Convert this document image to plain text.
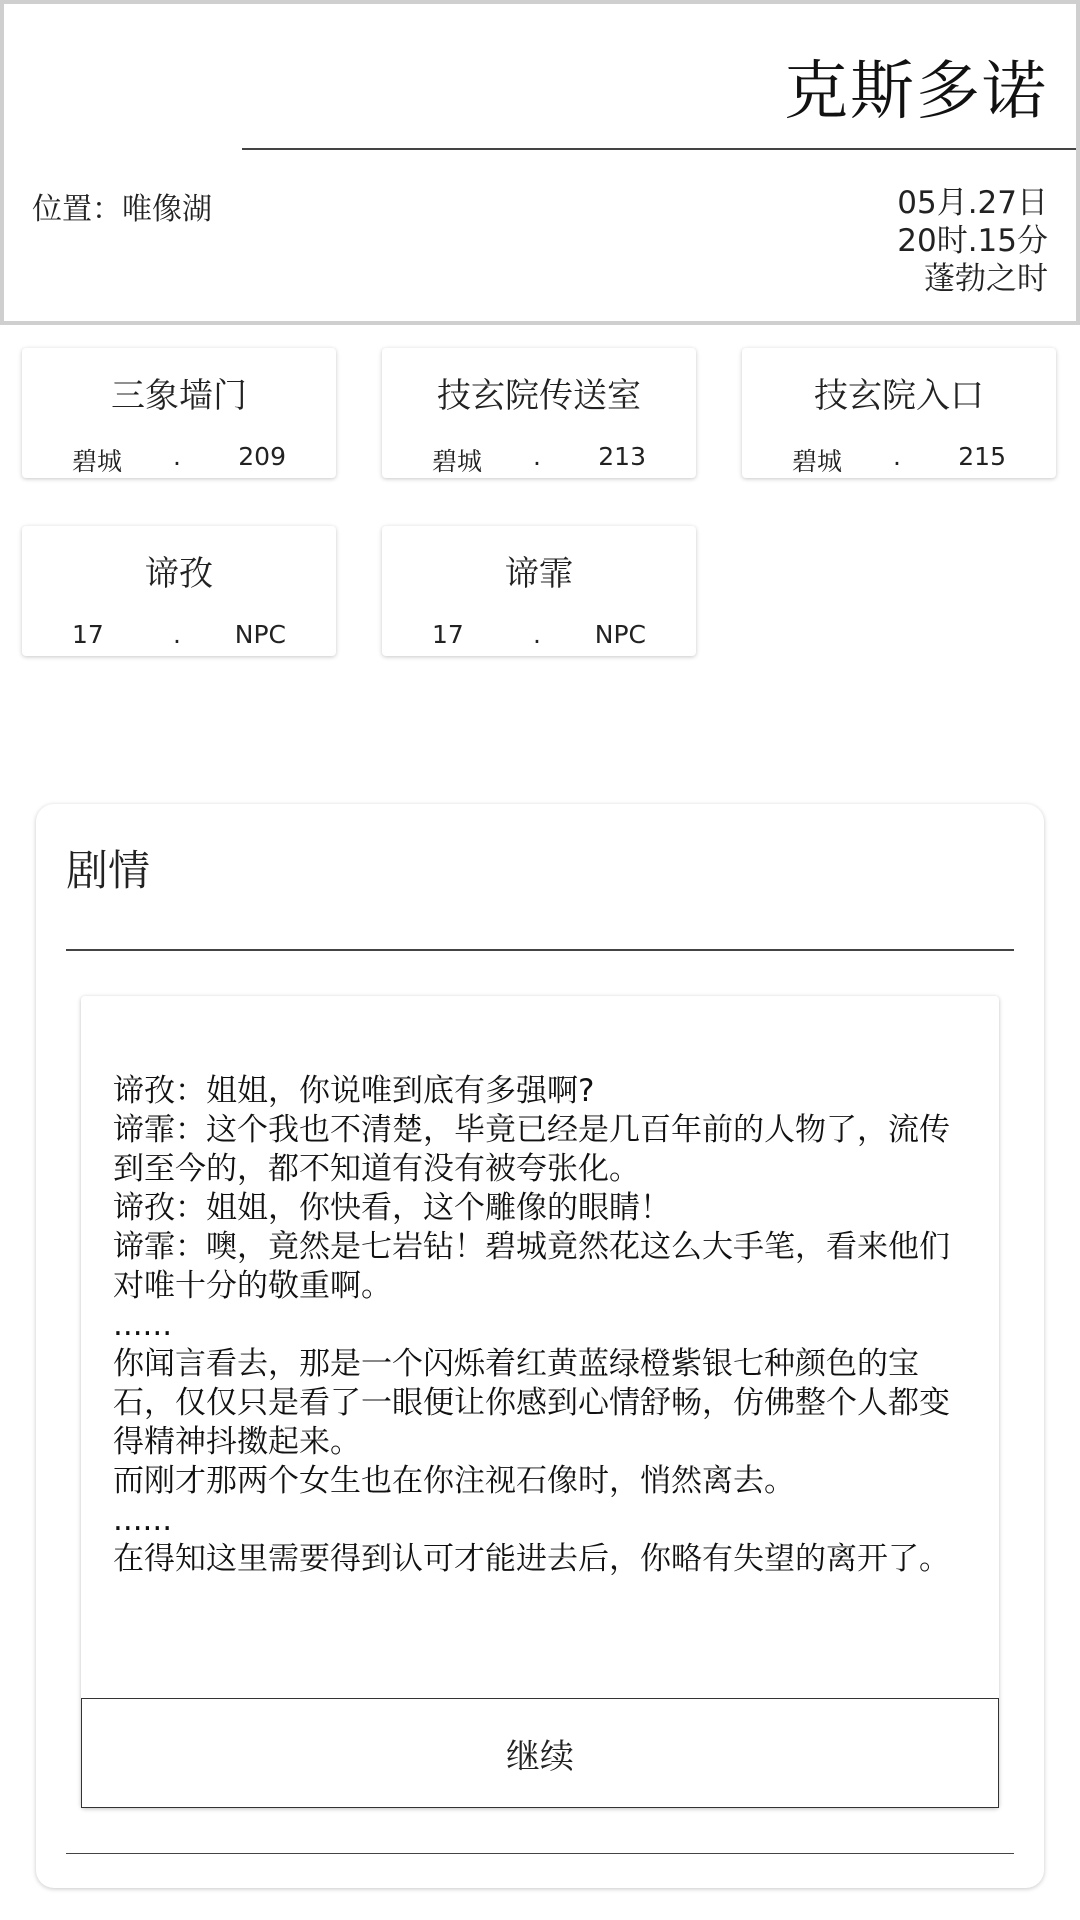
克斯多诺
位置：唯像湖	05月.27日
20时.15分
蓬勃之时
三象墙门
碧城 . 209
技玄院传送室
碧城 . 213
技玄院入口
碧城 . 215
谛孜
17	. NPC
谛霏
17	. NPC
剧情

谛孜：姐姐，你说唯到底有多强啊?

谛霏：这个我也不清楚，毕竟已经是几百年前的人物了，流传到至今的，都不知道有没有被夸张化。

谛孜：姐姐，你快看，这个雕像的眼睛！

谛霏：噢，竟然是七岩钻！碧城竟然花这么大手笔，看来他们对唯十分的敬重啊。

......

你闻言看去，那是一个闪烁着红黄蓝绿橙紫银七种颜色的宝石，仅仅只是看了一眼便让你感到心情舒畅，仿佛整个人都变得精神抖擞起来。

而刚才那两个女生也在你注视石像时，悄然离去。

......

在得知这里需要得到认可才能进去后，你略有失望的离开了。

继续
